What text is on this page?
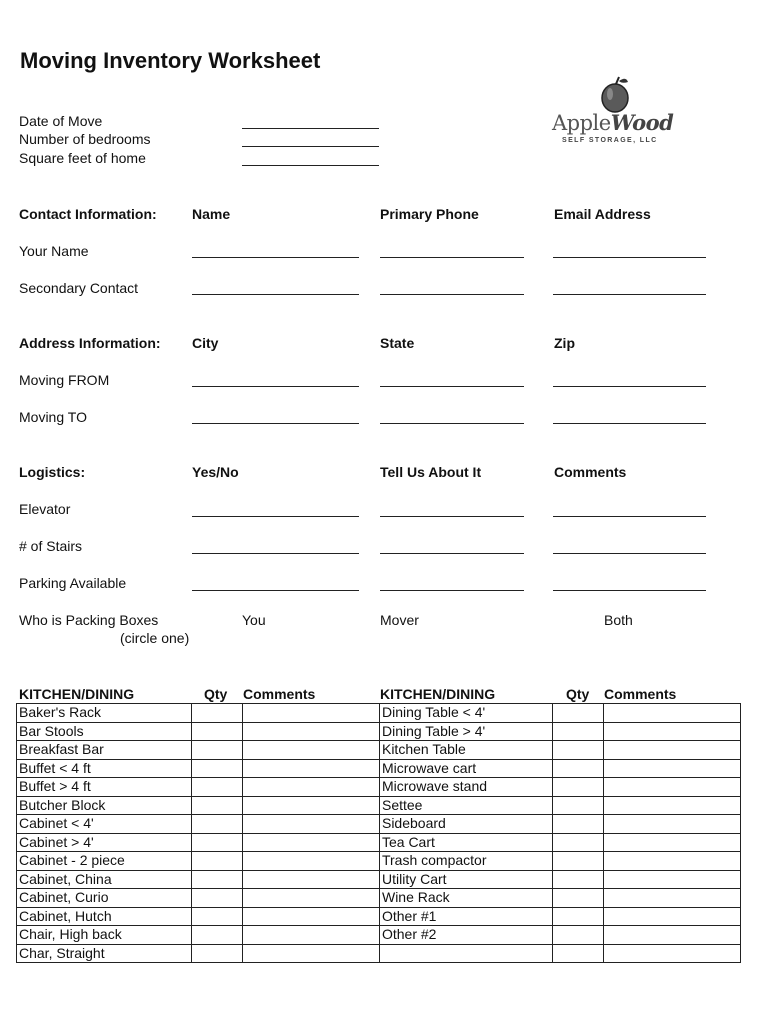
Moving Inventory Worksheet
Date of Move
Number of bedrooms
Square feet of home
AppleWood
SELF STORAGE, LLC
Contact Information:	Name	Primary Phone	Email Address
Your Name
Secondary Contact
Address Information: City	State	Zip
Moving FROM
Moving TO
Logistics:	Yes/No	Tell Us About It	Comments
Elevator
# of Stairs
Parking Available
Who is Packing Boxes
(circle one)
You	Mover	Both
KITCHEN/DINING	Qty Comments	KITCHEN/DINING	Qty Comments
Baker's Rack			Dining Table < 4'		
Bar Stools			Dining Table > 4'		
Breakfast Bar			Kitchen Table		
Buffet < 4 ft			Microwave cart		
Buffet > 4 ft			Microwave stand		
Butcher Block			Settee		
Cabinet < 4'			Sideboard		
Cabinet > 4'			Tea Cart		
Cabinet - 2 piece			Trash compactor		
Cabinet, China			Utility Cart		
Cabinet, Curio			Wine Rack		
Cabinet, Hutch			Other #1		
Chair, High back			Other #2		
Char, Straight					
